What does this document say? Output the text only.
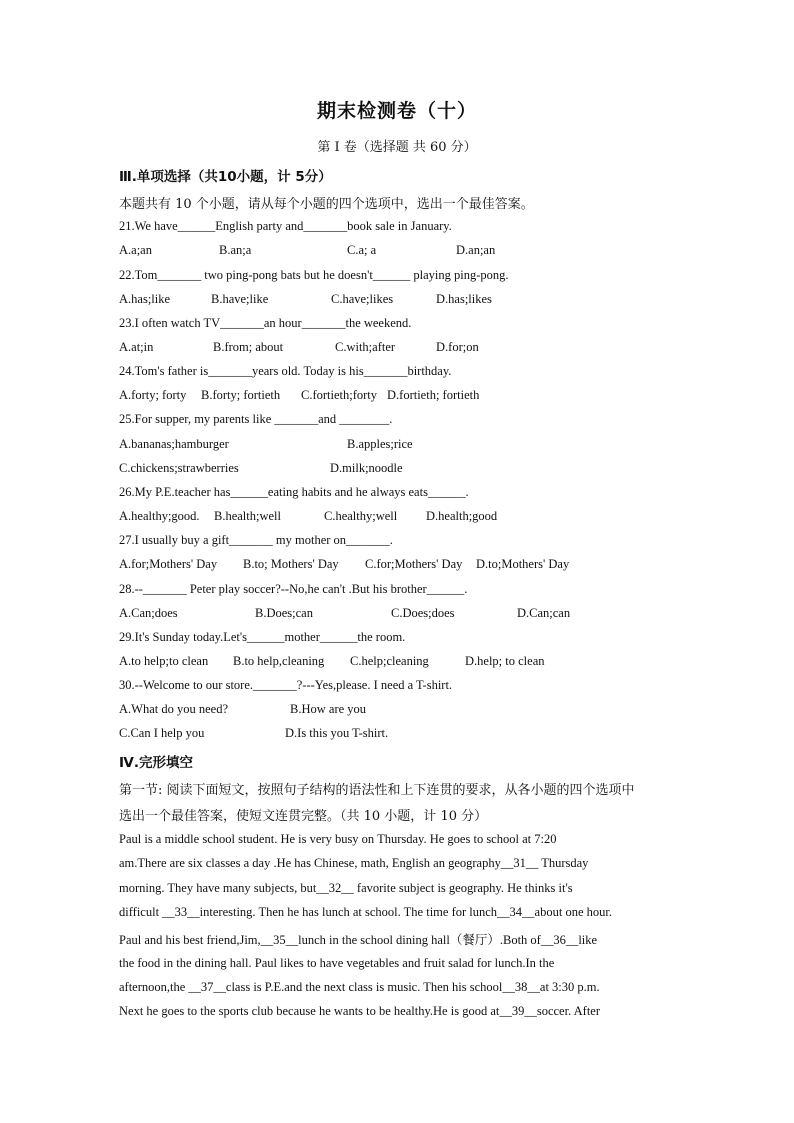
期末检测卷（十）
第 I 卷（选择题 共 60 分）
Ⅲ.单项选择（共10小题，计 5分）
本题共有 10 个小题，请从每个小题的四个选项中，选出一个最佳答案。
21.We have______English party and_______book sale in January.
A.a;an	B.an;a	C.a; a	D.an;an
22.Tom_______ two ping-pong bats but he doesn't______ playing ping-pong.
A.has;like	B.have;like	C.have;likes	D.has;likes
23.I often watch TV_______an hour_______the weekend.
A.at;in	B.from; about	C.with;after	D.for;on
24.Tom's father is_______years old. Today is his_______birthday.
A.forty; forty B.forty; fortieth C.fortieth;forty D.fortieth; fortieth
25.For supper, my parents like _______and ________.
A.bananas;hamburger	B.apples;rice
C.chickens;strawberries	D.milk;noodle
26.My P.E.teacher has______eating habits and he always eats______.
A.healthy;good. B.health;well	C.healthy;well D.health;good
27.I usually buy a gift_______ my mother on_______.
A.for;Mothers' Day B.to; Mothers' Day C.for;Mothers' Day D.to;Mothers' Day
28.--_______ Peter play soccer?--No,he can't .But his brother______.
A.Can;does	B.Does;can	C.Does;does	D.Can;can
29.It's Sunday today.Let's______mother______the room.
A.to help;to clean B.to help,cleaning C.help;cleaning	D.help; to clean
30.--Welcome to our store._______?---Yes,please. I need a T-shirt.
A.What do you need?	B.How are you
C.Can I help you	D.Is this you T-shirt.
Ⅳ.完形填空
第一节: 阅读下面短文，按照句子结构的语法性和上下连贯的要求，从各小题的四个选项中
选出一个最佳答案，使短文连贯完整。（共 10 小题，计 10 分）
Paul is a middle school student. He is very busy on Thursday. He goes to school at 7:20
am.There are six classes a day .He has Chinese, math, English an geography__31__ Thursday
morning. They have many subjects, but__32__ favorite subject is geography. He thinks it's
difficult __33__interesting. Then he has lunch at school. The time for lunch__34__about one hour.
Paul and his best friend,Jim,__35__lunch in the school dining hall（餐厅）.Both of__36__like
the food in the dining hall. Paul likes to have vegetables and fruit salad for lunch.In the
afternoon,the __37__class is P.E.and the next class is music. Then his school__38__at 3:30 p.m.
Next he goes to the sports club because he wants to be healthy.He is good at__39__soccer. After
